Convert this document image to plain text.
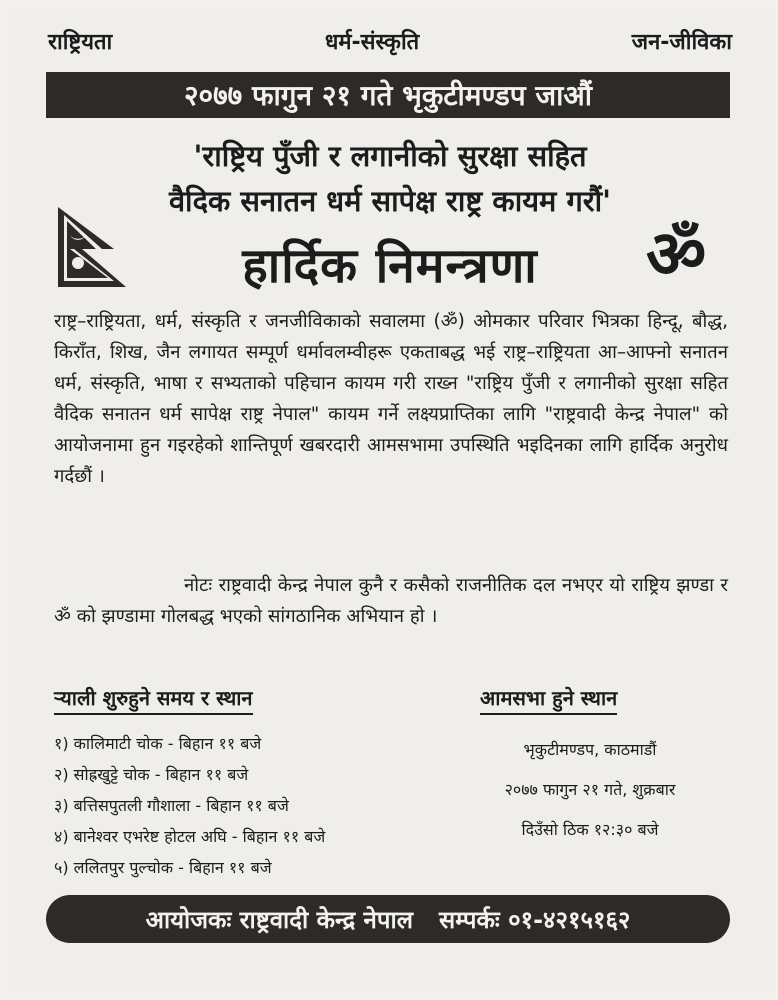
राष्ट्रियता	धर्म-संस्कृति	जन-जीविका
२०७७ फागुन २१ गते भृकुटीमण्डप जाऔं
'राष्ट्रिय पुँजी र लगानीको सुरक्षा सहित
वैदिक सनातन धर्म सापेक्ष राष्ट्र कायम गरौं'
हार्दिक निमन्त्रणा	ॐ
राष्ट्र–राष्ट्रियता, धर्म, संस्कृति र जनजीविकाको सवालमा (ॐ) ओमकार परिवार भित्रका हिन्दू, बौद्ध, किराँत, शिख, जैन लगायत सम्पूर्ण धर्मावलम्वीहरू एकताबद्ध भई राष्ट्र–राष्ट्रियता आ–आफ्नो सनातन धर्म, संस्कृति, भाषा र सभ्यताको पहिचान कायम गरी राख्न "राष्ट्रिय पुँजी र लगानीको सुरक्षा सहित वैदिक सनातन धर्म सापेक्ष राष्ट्र नेपाल" कायम गर्ने लक्ष्यप्राप्तिका लागि "राष्ट्रवादी केन्द्र नेपाल" को आयोजनामा हुन गइरहेको शान्तिपूर्ण खबरदारी आमसभामा उपस्थिति भइदिनका लागि हार्दिक अनुरोध गर्दछौं ।
नोटः राष्ट्रवादी केन्द्र नेपाल कुनै र कसैको राजनीतिक दल नभएर यो राष्ट्रिय झण्डा र ॐ को झण्डामा गोलबद्ध भएको सांगठानिक अभियान हो ।
र्‍याली शुरुहुने समय र स्थान	आमसभा हुने स्थान
१) कालिमाटी चोक - बिहान ११ बजे
२) सोह्रखुट्टे चोक - बिहान ११ बजे
३) बत्तिसपुतली गौशाला - बिहान ११ बजे
४) बानेश्वर एभरेष्ट होटल अघि - बिहान ११ बजे
५) ललितपुर पुल्चोक - बिहान ११ बजे
भृकुटीमण्डप, काठमाडौं
२०७७ फागुन २१ गते, शुक्रबार
दिउँसो ठिक १२:३० बजे
आयोजकः राष्ट्रवादी केन्द्र नेपाल सम्पर्कः ०१-४२१५१६२
